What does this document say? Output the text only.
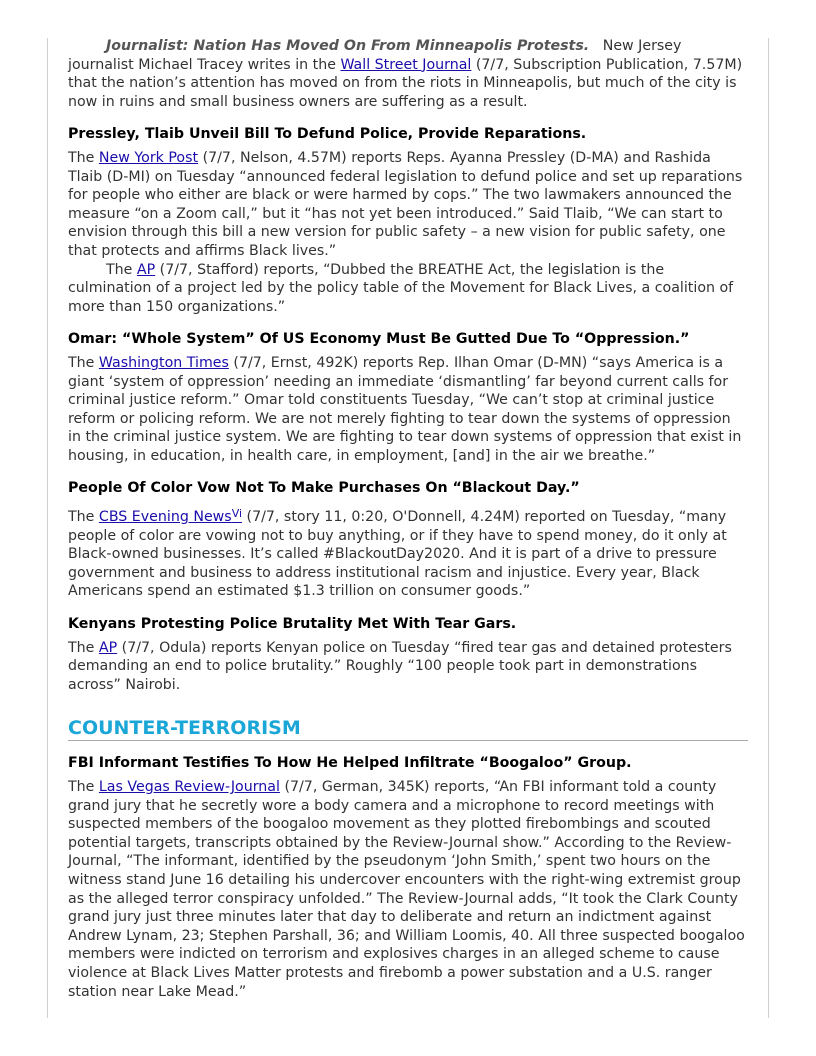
Journalist: Nation Has Moved On From Minneapolis Protests. New Jersey journalist Michael Tracey writes in the Wall Street Journal (7/7, Subscription Publication, 7.57M) that the nation’s attention has moved on from the riots in Minneapolis, but much of the city is now in ruins and small business owners are suffering as a result.

Pressley, Tlaib Unveil Bill To Defund Police, Provide Reparations.

The New York Post (7/7, Nelson, 4.57M) reports Reps. Ayanna Pressley (D-MA) and Rashida Tlaib (D-MI) on Tuesday “announced federal legislation to defund police and set up reparations for people who either are black or were harmed by cops.” The two lawmakers announced the measure “on a Zoom call,” but it “has not yet been introduced.” Said Tlaib, “We can start to envision through this bill a new version for public safety – a new vision for public safety, one that protects and affirms Black lives.”

The AP (7/7, Stafford) reports, “Dubbed the BREATHE Act, the legislation is the culmination of a project led by the policy table of the Movement for Black Lives, a coalition of more than 150 organizations.”

Omar: “Whole System” Of US Economy Must Be Gutted Due To “Oppression.”

The Washington Times (7/7, Ernst, 492K) reports Rep. Ilhan Omar (D-MN) “says America is a giant ‘system of oppression’ needing an immediate ‘dismantling’ far beyond current calls for criminal justice reform.” Omar told constituents Tuesday, “We can’t stop at criminal justice reform or policing reform. We are not merely fighting to tear down the systems of oppression in the criminal justice system. We are fighting to tear down systems of oppression that exist in housing, in education, in health care, in employment, [and] in the air we breathe.”

People Of Color Vow Not To Make Purchases On “Blackout Day.”

The CBS Evening News$^{Vi}$ (7/7, story 11, 0:20, O'Donnell, 4.24M) reported on Tuesday, “many people of color are vowing not to buy anything, or if they have to spend money, do it only at Black-owned businesses. It’s called #BlackoutDay2020. And it is part of a drive to pressure government and business to address institutional racism and injustice. Every year, Black Americans spend an estimated $1.3 trillion on consumer goods.”

Kenyans Protesting Police Brutality Met With Tear Gars.

The AP (7/7, Odula) reports Kenyan police on Tuesday “fired tear gas and detained protesters demanding an end to police brutality.” Roughly “100 people took part in demonstrations across” Nairobi.

COUNTER-TERRORISM
FBI Informant Testifies To How He Helped Infiltrate “Boogaloo” Group.

The Las Vegas Review-Journal (7/7, German, 345K) reports, “An FBI informant told a county grand jury that he secretly wore a body camera and a microphone to record meetings with suspected members of the boogaloo movement as they plotted firebombings and scouted potential targets, transcripts obtained by the Review-Journal show.” According to the Review-Journal, “The informant, identified by the pseudonym ‘John Smith,’ spent two hours on the witness stand June 16 detailing his undercover encounters with the right-wing extremist group as the alleged terror conspiracy unfolded.” The Review-Journal adds, “It took the Clark County grand jury just three minutes later that day to deliberate and return an indictment against Andrew Lynam, 23; Stephen Parshall, 36; and William Loomis, 40. All three suspected boogaloo members were indicted on terrorism and explosives charges in an alleged scheme to cause violence at Black Lives Matter protests and firebomb a power substation and a U.S. ranger station near Lake Mead.”
